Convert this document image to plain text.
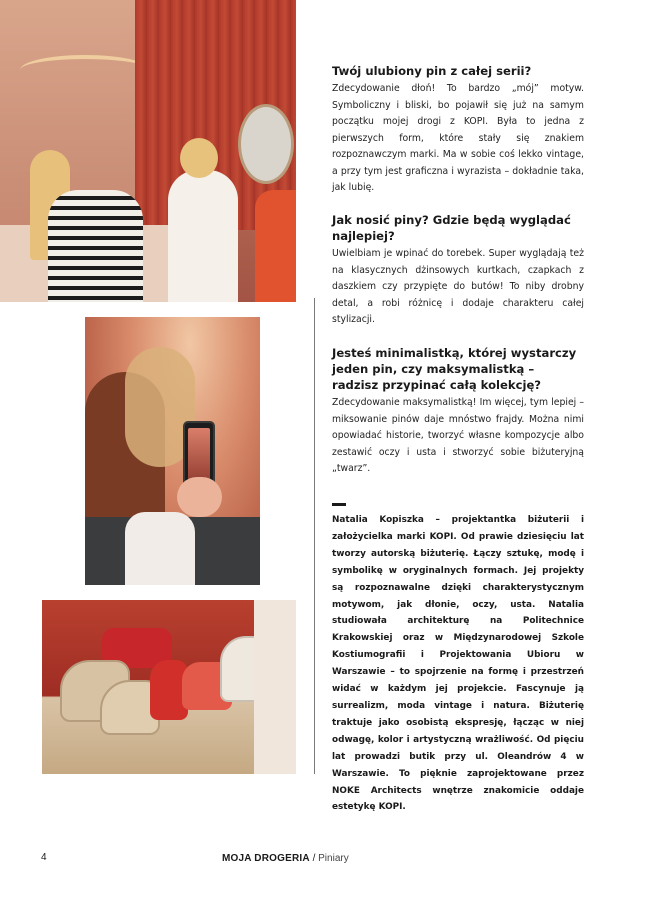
Twój ulubiony pin z całej serii?
Zdecydowanie dłoń! To bardzo „mój” motyw. Symboliczny i bliski, bo pojawił się już na samym początku mojej drogi z KOPI. Była to jedna z pierwszych form, które stały się znakiem rozpoznawczym marki. Ma w sobie coś lekko vintage, a przy tym jest graficzna i wyrazista – dokładnie taka, jak lubię.
Jak nosić piny? Gdzie będą wyglądać najlepiej?
Uwielbiam je wpinać do torebek. Super wyglądają też na klasycznych dżinsowych kurtkach, czapkach z daszkiem czy przypięte do butów! To niby drobny detal, a robi różnicę i dodaje charakteru całej stylizacji.
Jesteś minimalistką, której wystarczy jeden pin, czy maksymalistką – radzisz przypinać całą kolekcję?
Zdecydowanie maksymalistką! Im więcej, tym lepiej – miksowanie pinów daje mnóstwo frajdy. Można nimi opowiadać historie, tworzyć własne kompozycje albo zestawić oczy i usta i stworzyć sobie biżuteryjną „twarz”.
Natalia Kopiszka – projektantka biżuterii i założycielka marki KOPI. Od prawie dziesięciu lat tworzy autorską biżuterię. Łączy sztukę, modę i symbolikę w oryginalnych formach. Jej projekty są rozpoznawalne dzięki charakterystycznym motywom, jak dłonie, oczy, usta. Natalia studiowała architekturę na Politechnice Krakowskiej oraz w Międzynarodowej Szkole Kostiumografii i Projektowania Ubioru w Warszawie – to spojrzenie na formę i przestrzeń widać w każdym jej projekcie. Fascynuje ją surrealizm, moda vintage i natura. Biżuterię traktuje jako osobistą ekspresję, łącząc w niej odwagę, kolor i artystyczną wrażliwość. Od pięciu lat prowadzi butik przy ul. Oleandrów 4 w Warszawie. To pięknie zaprojektowane przez NOKE Architects wnętrze znakomicie oddaje estetykę KOPI.
4	MOJA DROGERIA / Piniary
